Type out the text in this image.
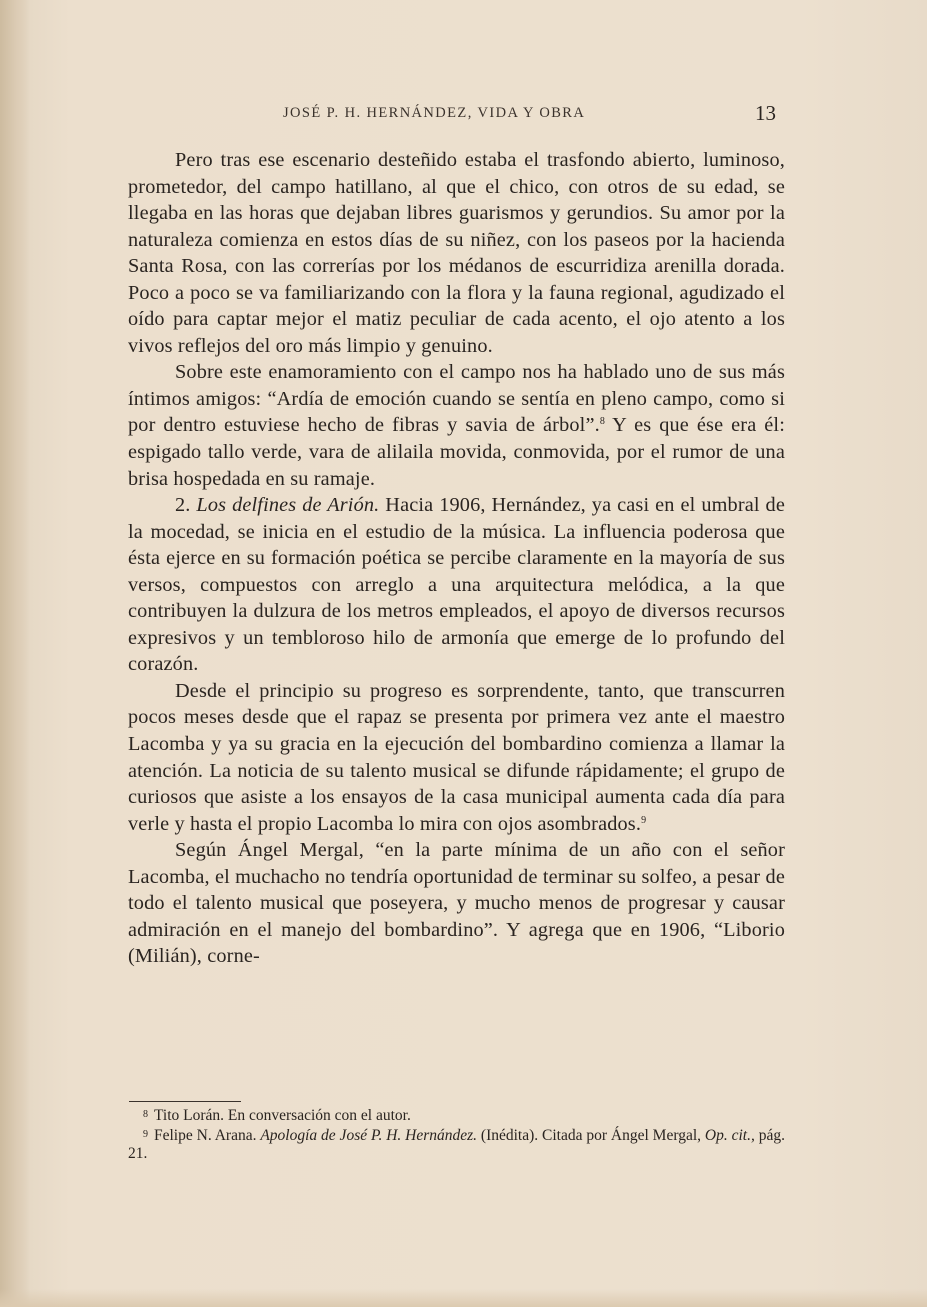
JOSÉ P. H. HERNÁNDEZ, VIDA Y OBRA	13

Pero tras ese escenario desteñido estaba el trasfondo abierto, luminoso, prometedor, del campo hatillano, al que el chico, con otros de su edad, se llegaba en las horas que dejaban libres guarismos y gerundios. Su amor por la naturaleza comienza en estos días de su niñez, con los paseos por la hacienda Santa Rosa, con las correrías por los médanos de escurridiza arenilla dorada. Poco a poco se va familiarizando con la flora y la fauna regional, agudizado el oído para captar mejor el matiz peculiar de cada acento, el ojo atento a los vivos reflejos del oro más limpio y genuino.

Sobre este enamoramiento con el campo nos ha hablado uno de sus más íntimos amigos: “Ardía de emoción cuando se sentía en pleno campo, como si por dentro estuviese hecho de fibras y savia de árbol”.$^8$ Y es que ése era él: espigado tallo verde, vara de alilaila movida, conmovida, por el rumor de una brisa hospedada en su ramaje.

2. Los delfines de Arión. Hacia 1906, Hernández, ya casi en el umbral de la mocedad, se inicia en el estudio de la música. La influencia poderosa que ésta ejerce en su formación poética se percibe claramente en la mayoría de sus versos, compuestos con arreglo a una arquitectura melódica, a la que contribuyen la dulzura de los metros empleados, el apoyo de diversos recursos expresivos y un tembloroso hilo de armonía que emerge de lo profundo del corazón.

Desde el principio su progreso es sorprendente, tanto, que transcurren pocos meses desde que el rapaz se presenta por primera vez ante el maestro Lacomba y ya su gracia en la ejecución del bombardino comienza a llamar la atención. La noticia de su talento musical se difunde rápidamente; el grupo de curiosos que asiste a los ensayos de la casa municipal aumenta cada día para verle y hasta el propio Lacomba lo mira con ojos asombrados.$^9$

Según Ángel Mergal, “en la parte mínima de un año con el señor Lacomba, el muchacho no tendría oportunidad de terminar su solfeo, a pesar de todo el talento musical que poseyera, y mucho menos de progresar y causar admiración en el manejo del bombardino”. Y agrega que en 1906, “Liborio (Milián), corne-

8 Tito Lorán. En conversación con el autor.

9 Felipe N. Arana. Apología de José P. H. Hernández. (Inédita). Citada por Ángel Mergal, Op. cit., pág. 21.
